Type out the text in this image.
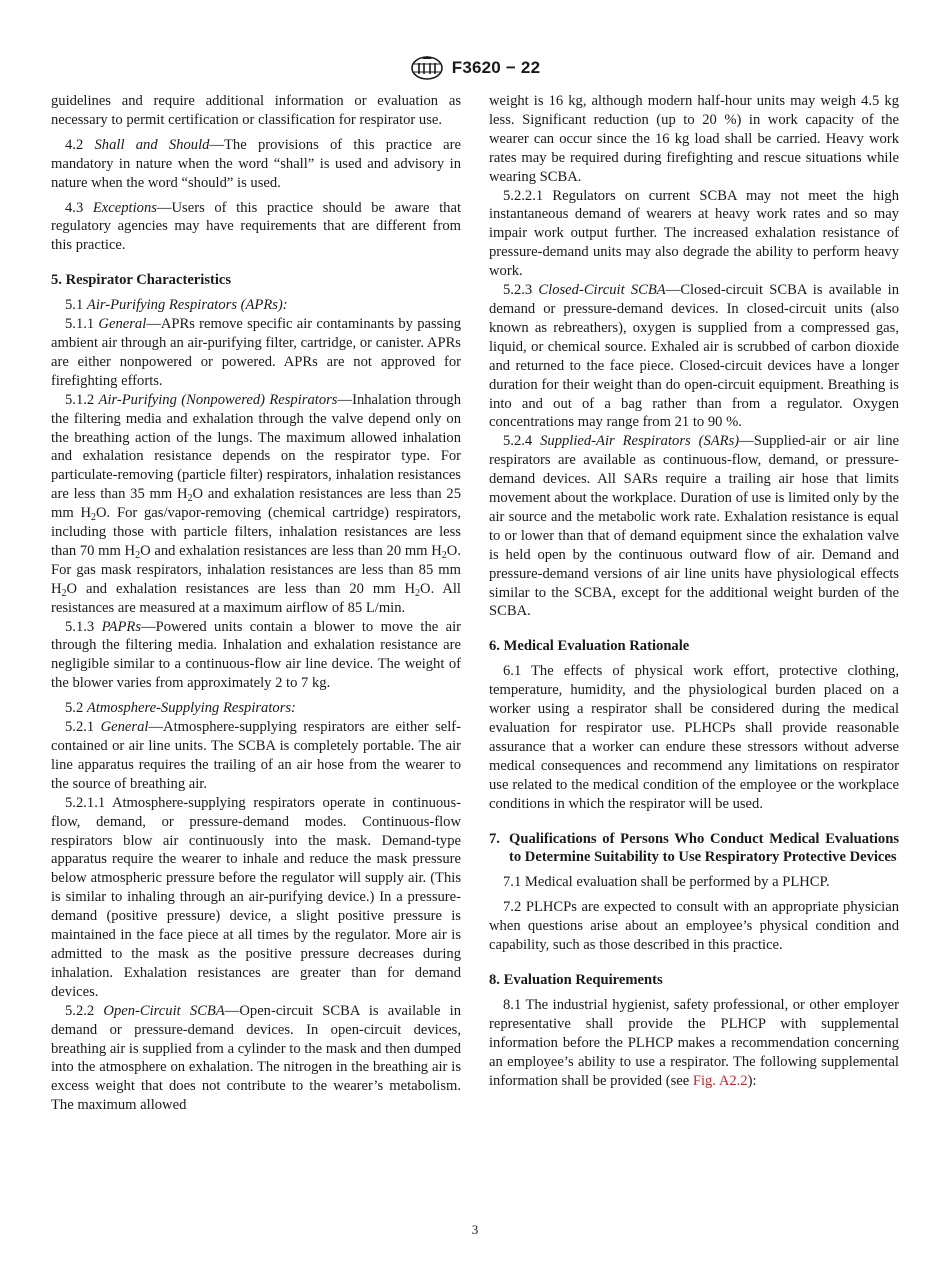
F3620 − 22

guidelines and require additional information or evaluation as necessary to permit certification or classification for respirator use.

4.2 Shall and Should—The provisions of this practice are mandatory in nature when the word “shall” is used and advisory in nature when the word “should” is used.

4.3 Exceptions—Users of this practice should be aware that regulatory agencies may have requirements that are different from this practice.

5. Respirator Characteristics

5.1 Air-Purifying Respirators (APRs):

5.1.1 General—APRs remove specific air contaminants by passing ambient air through an air-purifying filter, cartridge, or canister. APRs are either nonpowered or powered. APRs are not approved for firefighting efforts.

5.1.2 Air-Purifying (Nonpowered) Respirators—Inhalation through the filtering media and exhalation through the valve depend only on the breathing action of the lungs. The maximum allowed inhalation and exhalation resistance depends on the respirator type. For particulate-removing (particle filter) respirators, inhalation resistances are less than 35 mm $H_2O$ and exhalation resistances are less than 25 mm $H_2O$. For gas/vapor-removing (chemical cartridge) respirators, including those with particle filters, inhalation resistances are less than 70 mm $H_2O$ and exhalation resistances are less than 20 mm $H_2O$. For gas mask respirators, inhalation resistances are less than 85 mm $H_2O$ and exhalation resistances are less than 20 mm $H_2O$. All resistances are measured at a maximum airflow of 85 L/min.

5.1.3 PAPRs—Powered units contain a blower to move the air through the filtering media. Inhalation and exhalation resistance are negligible similar to a continuous-flow air line device. The weight of the blower varies from approximately 2 to 7 kg.

5.2 Atmosphere-Supplying Respirators:

5.2.1 General—Atmosphere-supplying respirators are either self-contained or air line units. The SCBA is completely portable. The air line apparatus requires the trailing of an air hose from the wearer to the source of breathing air.

5.2.1.1 Atmosphere-supplying respirators operate in continuous-flow, demand, or pressure-demand modes. Continuous-flow respirators blow air continuously into the mask. Demand-type apparatus require the wearer to inhale and reduce the mask pressure below atmospheric pressure before the regulator will supply air. (This is similar to inhaling through an air-purifying device.) In a pressure-demand (positive pressure) device, a slight positive pressure is maintained in the face piece at all times by the regulator. More air is admitted to the mask as the positive pressure decreases during inhalation. Exhalation resistances are greater than for demand devices.

5.2.2 Open-Circuit SCBA—Open-circuit SCBA is available in demand or pressure-demand devices. In open-circuit devices, breathing air is supplied from a cylinder to the mask and then dumped into the atmosphere on exhalation. The nitrogen in the breathing air is excess weight that does not contribute to the wearer’s metabolism. The maximum allowed

weight is 16 kg, although modern half-hour units may weigh 4.5 kg less. Significant reduction (up to 20 %) in work capacity of the wearer can occur since the 16 kg load shall be carried. Heavy work rates may be required during firefighting and rescue situations while wearing SCBA.

5.2.2.1 Regulators on current SCBA may not meet the high instantaneous demand of wearers at heavy work rates and so may impair work output further. The increased exhalation resistance of pressure-demand units may also degrade the ability to perform heavy work.

5.2.3 Closed-Circuit SCBA—Closed-circuit SCBA is available in demand or pressure-demand devices. In closed-circuit units (also known as rebreathers), oxygen is supplied from a compressed gas, liquid, or chemical source. Exhaled air is scrubbed of carbon dioxide and returned to the face piece. Closed-circuit devices have a longer duration for their weight than do open-circuit equipment. Breathing is into and out of a bag rather than from a regulator. Oxygen concentrations may range from 21 to 90 %.

5.2.4 Supplied-Air Respirators (SARs)—Supplied-air or air line respirators are available as continuous-flow, demand, or pressure-demand devices. All SARs require a trailing air hose that limits movement about the workplace. Duration of use is limited only by the air source and the metabolic work rate. Exhalation resistance is equal to or lower than that of demand equipment since the exhalation valve is held open by the continuous outward flow of air. Demand and pressure-demand versions of air line units have physiological effects similar to the SCBA, except for the additional weight burden of the SCBA.

6. Medical Evaluation Rationale

6.1 The effects of physical work effort, protective clothing, temperature, humidity, and the physiological burden placed on a worker using a respirator shall be considered during the medical evaluation for respirator use. PLHCPs shall provide reasonable assurance that a worker can endure these stressors without adverse medical consequences and recommend any limitations on respirator use related to the medical condition of the employee or the workplace conditions in which the respirator will be used.

7. Qualifications of Persons Who Conduct Medical Evaluations to Determine Suitability to Use Respiratory Protective Devices

7.1 Medical evaluation shall be performed by a PLHCP.

7.2 PLHCPs are expected to consult with an appropriate physician when questions arise about an employee’s physical condition and capability, such as those described in this practice.

8. Evaluation Requirements

8.1 The industrial hygienist, safety professional, or other employer representative shall provide the PLHCP with supplemental information before the PLHCP makes a recommendation concerning an employee’s ability to use a respirator. The following supplemental information shall be provided (see Fig. A2.2):

3
